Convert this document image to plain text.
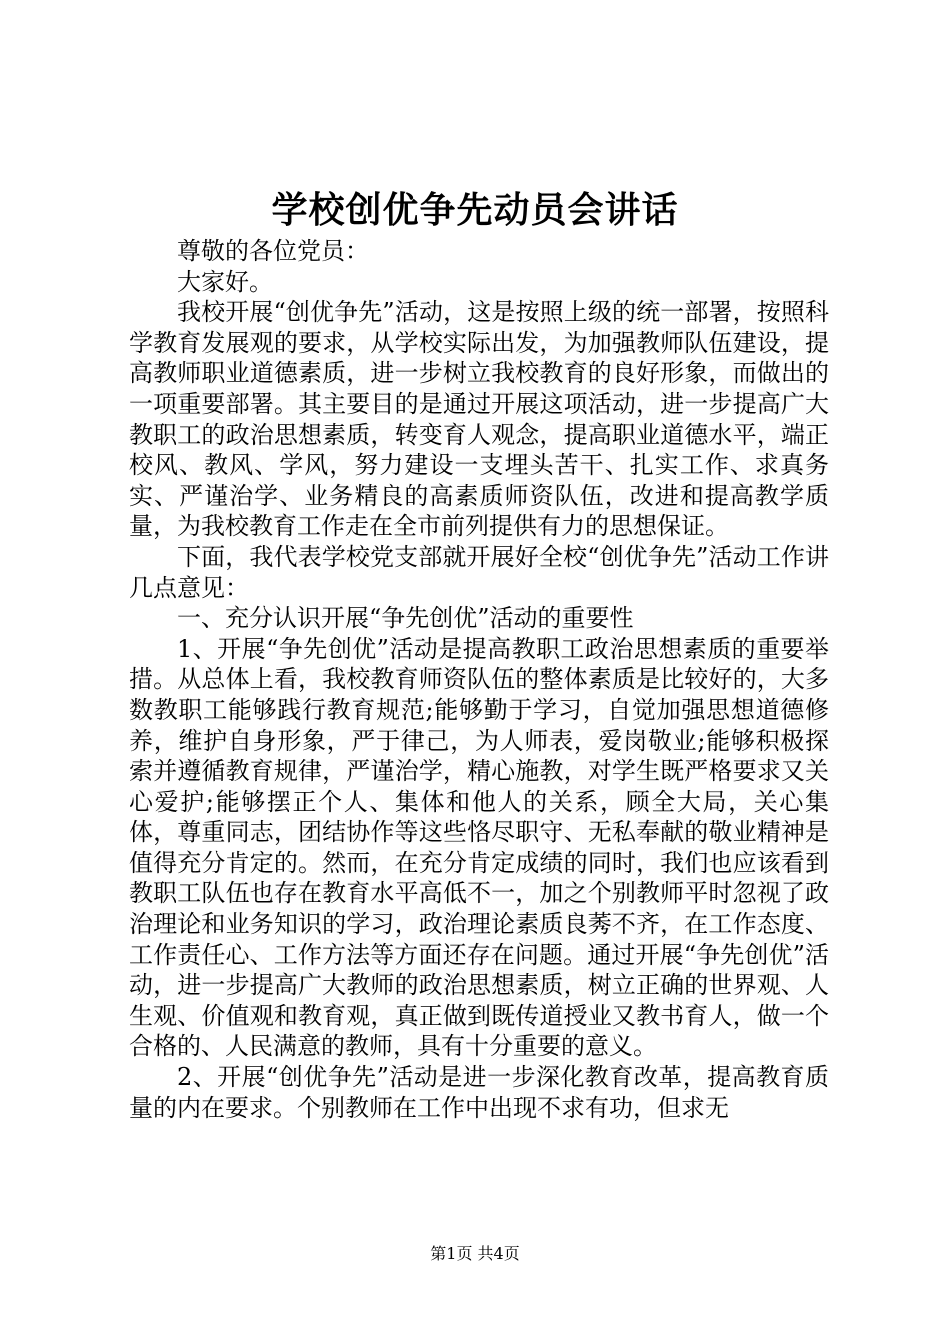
学校创优争先动员会讲话

尊敬的各位党员：

大家好。

我校开展“创优争先”活动，这是按照上级的统一部署，按照科学教育发展观的要求，从学校实际出发，为加强教师队伍建设，提高教师职业道德素质，进一步树立我校教育的良好形象，而做出的一项重要部署。其主要目的是通过开展这项活动，进一步提高广大教职工的政治思想素质，转变育人观念，提高职业道德水平，端正校风、教风、学风，努力建设一支埋头苦干、扎实工作、求真务实、严谨治学、业务精良的高素质师资队伍，改进和提高教学质量，为我校教育工作走在全市前列提供有力的思想保证。

下面，我代表学校党支部就开展好全校“创优争先”活动工作讲几点意见：

一、充分认识开展“争先创优”活动的重要性

1、开展“争先创优”活动是提高教职工政治思想素质的重要举措。从总体上看，我校教育师资队伍的整体素质是比较好的，大多数教职工能够践行教育规范;能够勤于学习，自觉加强思想道德修养，维护自身形象，严于律己，为人师表，爱岗敬业;能够积极探索并遵循教育规律，严谨治学，精心施教，对学生既严格要求又关心爱护;能够摆正个人、集体和他人的关系，顾全大局，关心集体，尊重同志，团结协作等这些恪尽职守、无私奉献的敬业精神是值得充分肯定的。然而，在充分肯定成绩的同时，我们也应该看到教职工队伍也存在教育水平高低不一，加之个别教师平时忽视了政治理论和业务知识的学习，政治理论素质良莠不齐，在工作态度、工作责任心、工作方法等方面还存在问题。通过开展“争先创优”活动，进一步提高广大教师的政治思想素质，树立正确的世界观、人生观、价值观和教育观，真正做到既传道授业又教书育人，做一个合格的、人民满意的教师，具有十分重要的意义。

2、开展“创优争先”活动是进一步深化教育改革，提高教育质量的内在要求。个别教师在工作中出现不求有功，但求无

第1页 共4页
